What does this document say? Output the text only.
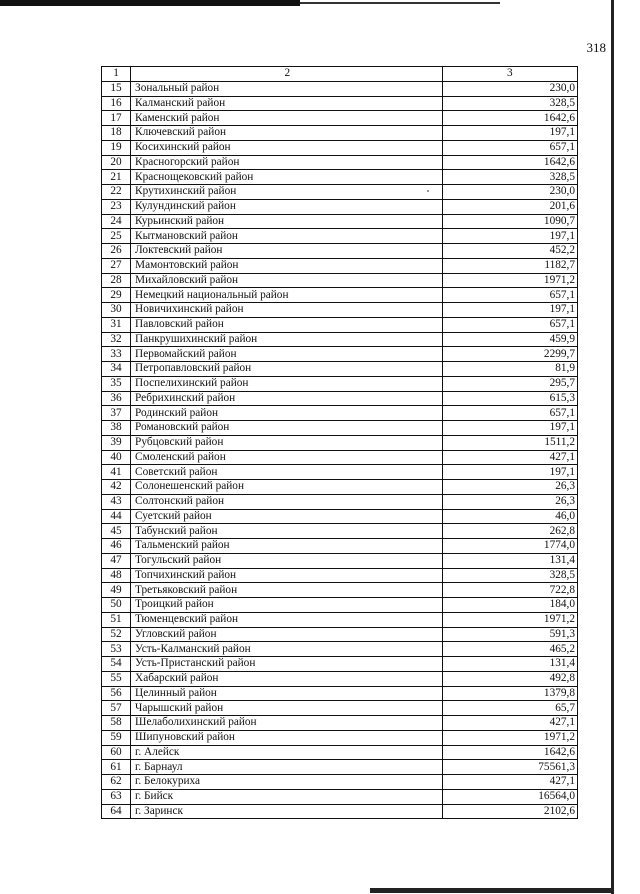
318
1	2	3
15	Зональный район	230,0
16	Калманский район	328,5
17	Каменский район	1642,6
18	Ключевский район	197,1
19	Косихинский район	657,1
20	Красногорский район	1642,6
21	Краснощековский район	328,5
22	Крутихинский район	230,0
23	Кулундинский район	201,6
24	Курьинский район	1090,7
25	Кытмановский район	197,1
26	Локтевский район	452,2
27	Мамонтовский район	1182,7
28	Михайловский район	1971,2
29	Немецкий национальный район	657,1
30	Новичихинский район	197,1
31	Павловский район	657,1
32	Панкрушихинский район	459,9
33	Первомайский район	2299,7
34	Петропавловский район	81,9
35	Поспелихинский район	295,7
36	Ребрихинский район	615,3
37	Родинский район	657,1
38	Романовский район	197,1
39	Рубцовский район	1511,2
40	Смоленский район	427,1
41	Советский район	197,1
42	Солонешенский район	26,3
43	Солтонский район	26,3
44	Суетский район	46,0
45	Табунский район	262,8
46	Тальменский район	1774,0
47	Тогульский район	131,4
48	Топчихинский район	328,5
49	Третьяковский район	722,8
50	Троицкий район	184,0
51	Тюменцевский район	1971,2
52	Угловский район	591,3
53	Усть-Калманский район	465,2
54	Усть-Пристанский район	131,4
55	Хабарский район	492,8
56	Целинный район	1379,8
57	Чарышский район	65,7
58	Шелаболихинский район	427,1
59	Шипуновский район	1971,2
60	г. Алейск	1642,6
61	г. Барнаул	75561,3
62	г. Белокуриха	427,1
63	г. Бийск	16564,0
64	г. Заринск	2102,6
